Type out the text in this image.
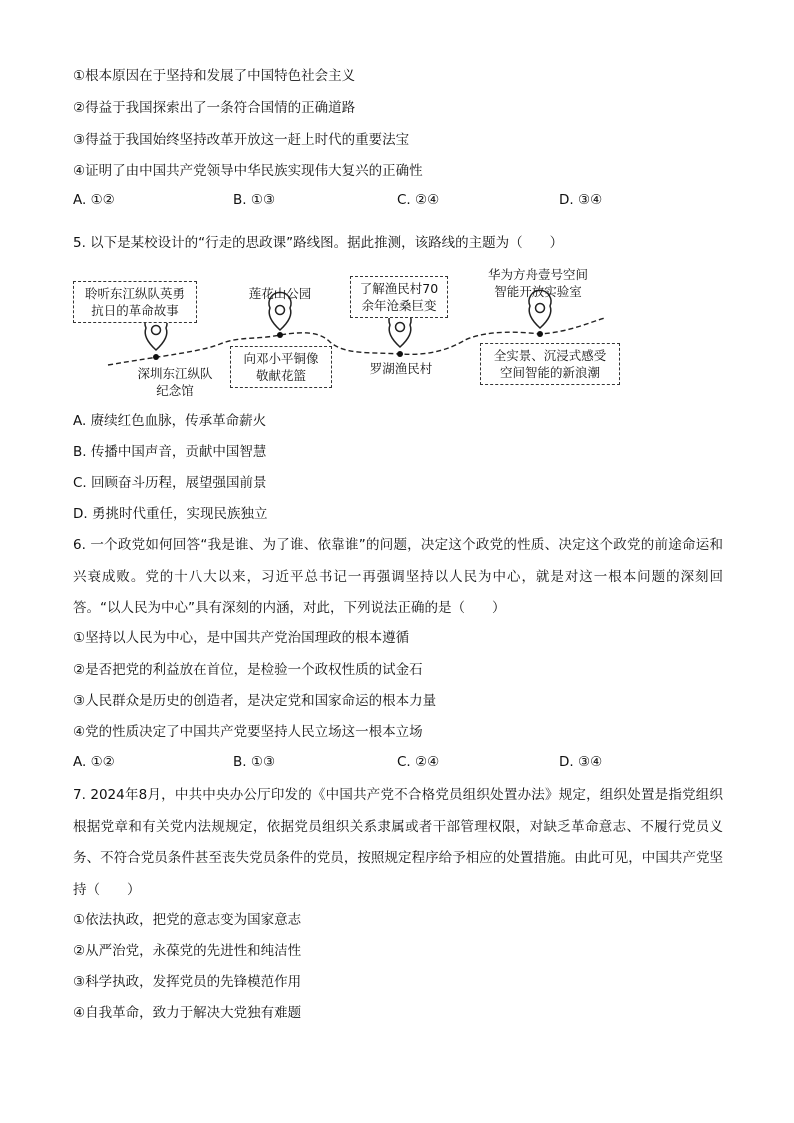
①根本原因在于坚持和发展了中国特色社会主义
②得益于我国探索出了一条符合国情的正确道路
③得益于我国始终坚持改革开放这一赶上时代的重要法宝
④证明了由中国共产党领导中华民族实现伟大复兴的正确性
A. ①②	B. ①③	C. ②④	D. ③④
5. 以下是某校设计的“行走的思政课”路线图。据此推测，该路线的主题为（　　）
聆听东江纵队英勇
抗日的革命故事
深圳东江纵队
纪念馆
莲花山公园
向邓小平铜像
敬献花篮
了解渔民村70
余年沧桑巨变
罗湖渔民村
华为方舟壹号空间
智能开放实验室
全实景、沉浸式感受
空间智能的新浪潮
A. 赓续红色血脉，传承革命薪火
B. 传播中国声音，贡献中国智慧
C. 回顾奋斗历程，展望强国前景
D. 勇挑时代重任，实现民族独立
6. 一个政党如何回答“我是谁、为了谁、依靠谁”的问题，决定这个政党的性质、决定这个政党的前途命运和兴衰成败。党的十八大以来，习近平总书记一再强调坚持以人民为中心，就是对这一根本问题的深刻回答。“以人民为中心”具有深刻的内涵，对此，下列说法正确的是（　　）
①坚持以人民为中心，是中国共产党治国理政的根本遵循
②是否把党的利益放在首位，是检验一个政权性质的试金石
③人民群众是历史的创造者，是决定党和国家命运的根本力量
④党的性质决定了中国共产党要坚持人民立场这一根本立场
A. ①②	B. ①③	C. ②④	D. ③④
7. 2024年8月，中共中央办公厅印发的《中国共产党不合格党员组织处置办法》规定，组织处置是指党组织根据党章和有关党内法规规定，依据党员组织关系隶属或者干部管理权限，对缺乏革命意志、不履行党员义务、不符合党员条件甚至丧失党员条件的党员，按照规定程序给予相应的处置措施。由此可见，中国共产党坚持（　　）
①依法执政，把党的意志变为国家意志
②从严治党，永葆党的先进性和纯洁性
③科学执政，发挥党员的先锋模范作用
④自我革命，致力于解决大党独有难题
